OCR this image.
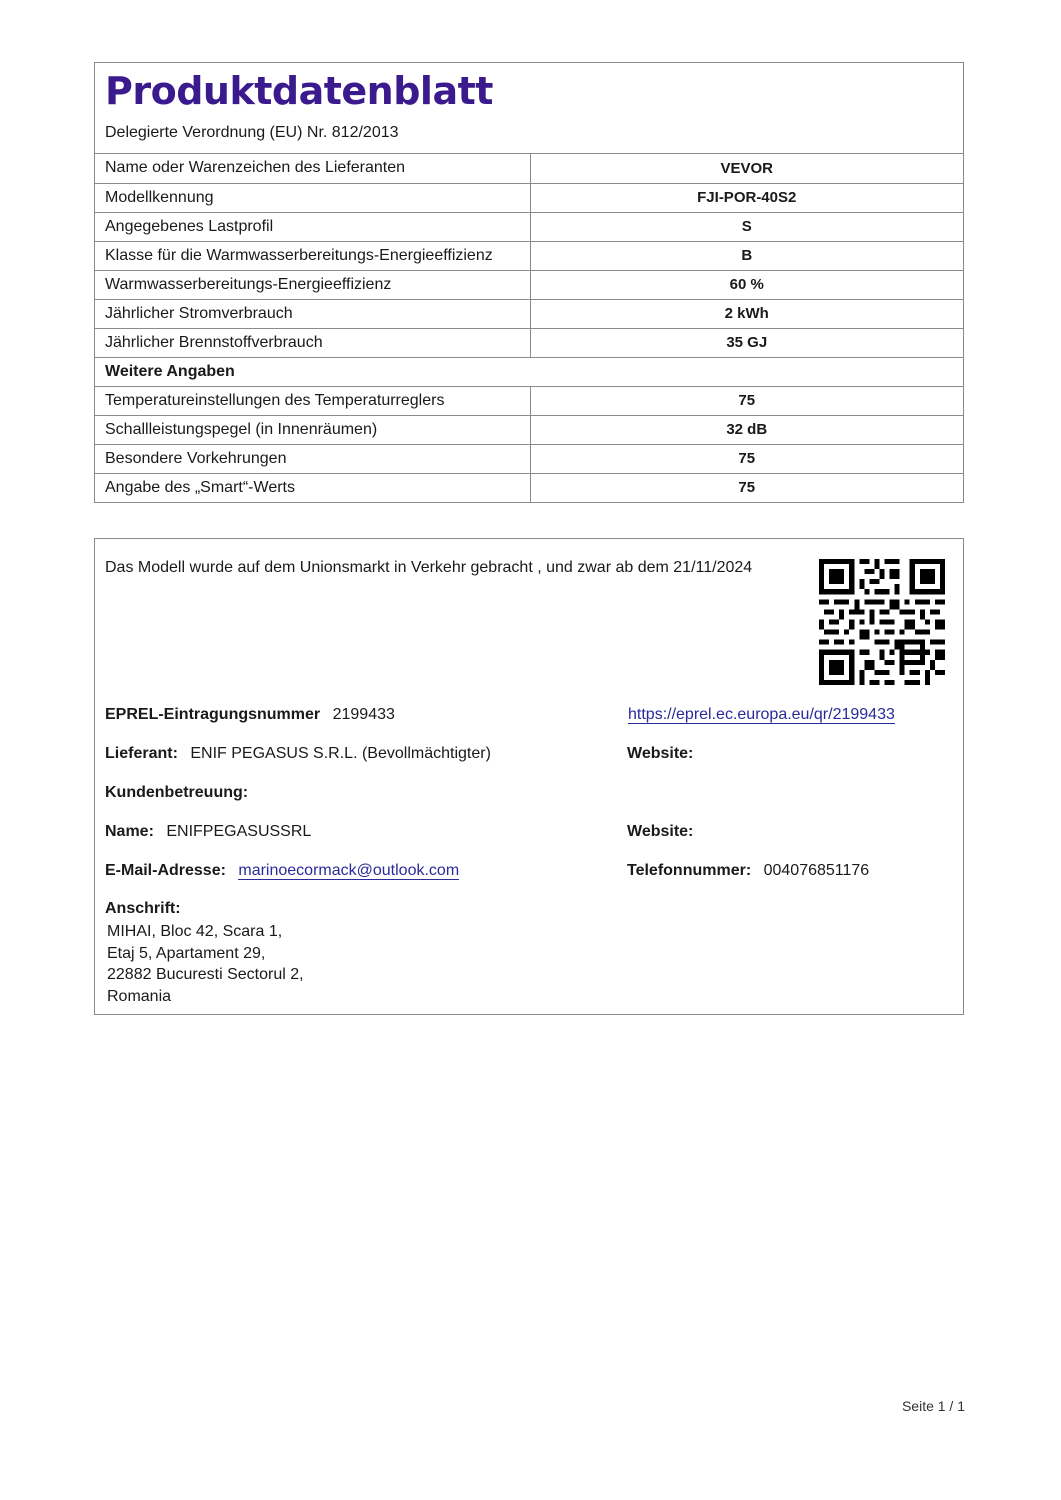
Produktdatenblatt
Delegierte Verordnung (EU) Nr. 812/2013
Name oder Warenzeichen des Lieferanten	VEVOR
Modellkennung	FJI-POR-40S2
Angegebenes Lastprofil	S
Klasse für die Warmwasserbereitungs-Energieeffizienz	B
Warmwasserbereitungs-Energieeffizienz	60 %
Jährlicher Stromverbrauch	2 kWh
Jährlicher Brennstoffverbrauch	35 GJ
Weitere Angaben	
Temperatureinstellungen des Temperaturreglers	75
Schallleistungspegel (in Innenräumen)	32 dB
Besondere Vorkehrungen	75
Angabe des „Smart“-Werts	75
Das Modell wurde auf dem Unionsmarkt in Verkehr gebracht , und zwar ab dem 21/11/2024
EPREL-Eintragungsnummer 2199433	https://eprel.ec.europa.eu/qr/2199433
Lieferant: ENIF PEGASUS S.R.L. (Bevollmächtigter)	Website:
Kundenbetreuung:
Name: ENIFPEGASUSSRL	Website:
E-Mail-Adresse: marinoecormack@outlook.com	Telefonnummer: 004076851176
Anschrift:
MIHAI, Bloc 42, Scara 1,
Etaj 5, Apartament 29,
22882 Bucuresti Sectorul 2,
Romania
Seite 1 / 1
